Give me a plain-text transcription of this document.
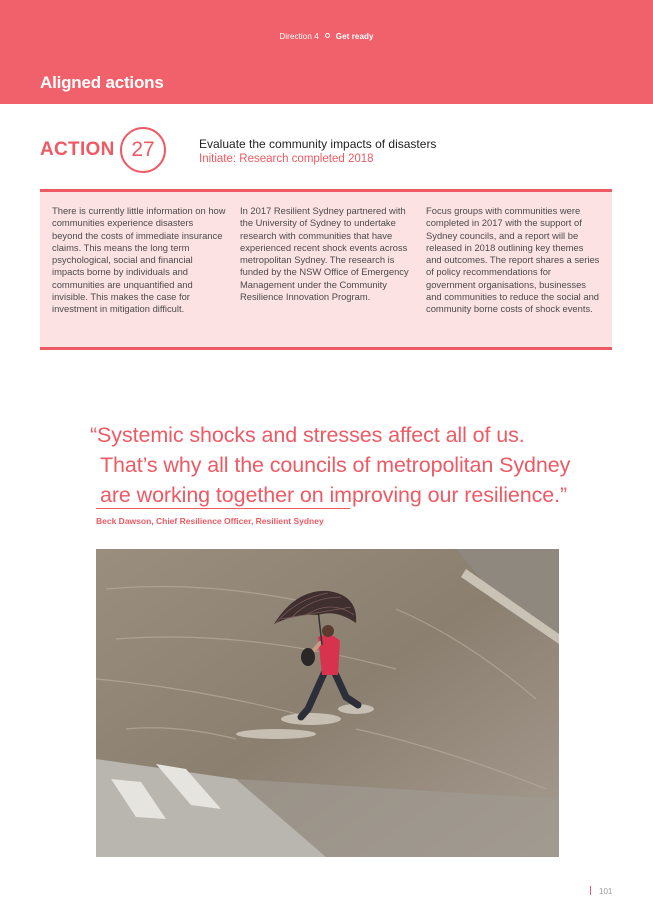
Direction 4 Get ready
Aligned actions
ACTION 27	Evaluate the community impacts of disasters
Initiate: Research completed 2018
There is currently little information on how communities experience disasters beyond the costs of immediate insurance claims. This means the long term psychological, social and financial impacts borne by individuals and communities are unquantified and invisible. This makes the case for investment in mitigation difficult.
In 2017 Resilient Sydney partnered with the University of Sydney to undertake research with communities that have experienced recent shock events across metropolitan Sydney. The research is funded by the NSW Office of Emergency Management under the Community Resilience Innovation Program.
Focus groups with communities were completed in 2017 with the support of Sydney councils, and a report will be released in 2018 outlining key themes and outcomes. The report shares a series of policy recommendations for government organisations, businesses and communities to reduce the social and community borne costs of shock events.
“Systemic shocks and stresses affect all of us.
That’s why all the councils of metropolitan Sydney
are working together on improving our resilience.”
Beck Dawson, Chief Resilience Officer, Resilient Sydney
101
